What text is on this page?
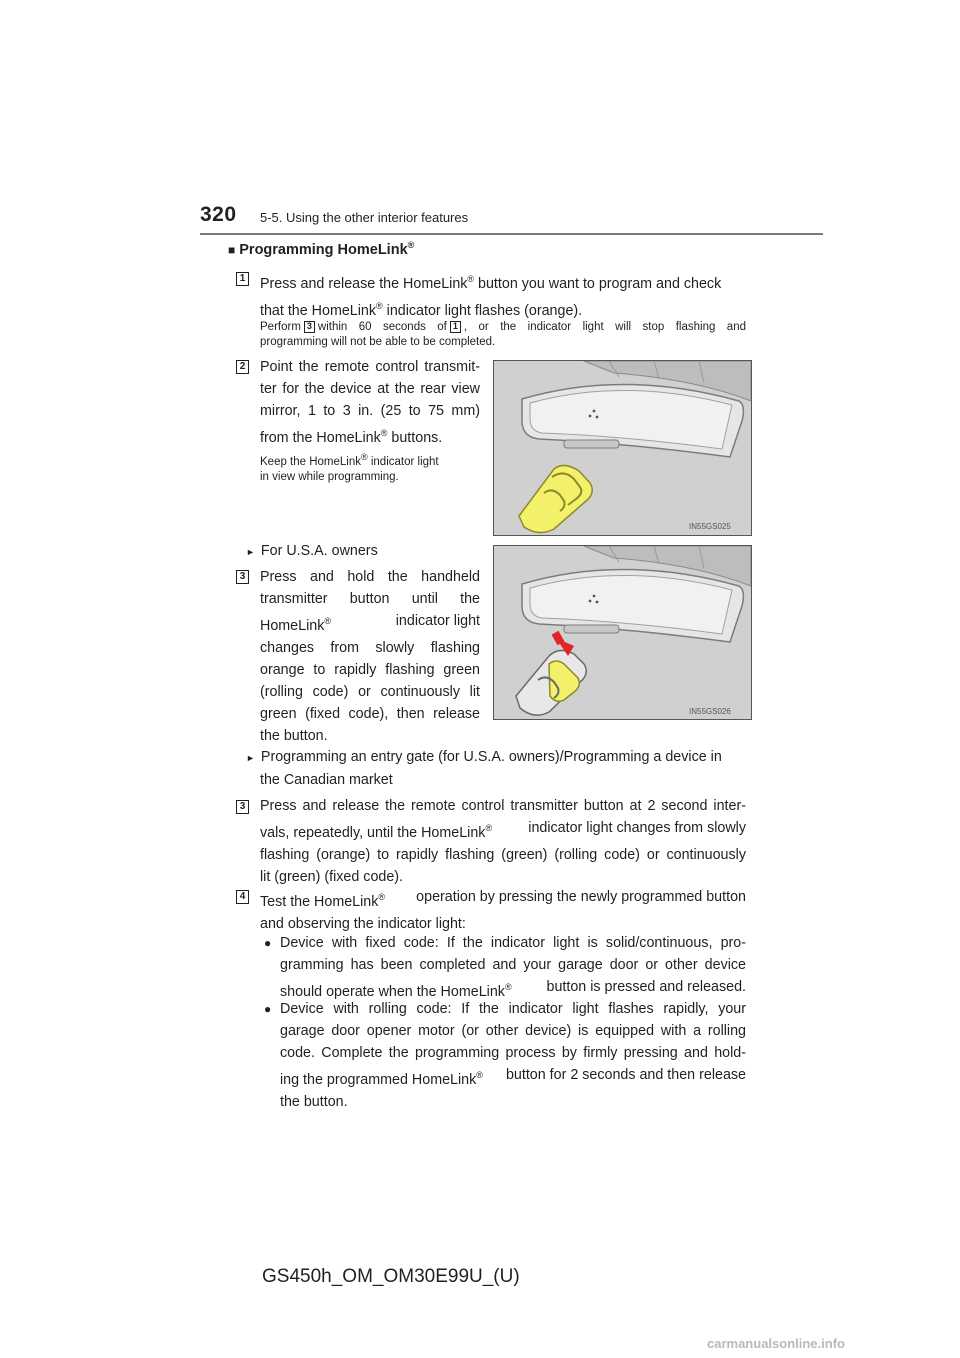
320 5-5. Using the other interior features
■ Programming HomeLink®
1 Press and release the HomeLink® button you want to program and check
that the HomeLink® indicator light flashes (orange).
Perform 3 within 60 seconds of 1 , or the indicator light will stop flashing and
programming will not be able to be completed.
2 Point the remote control transmit-
ter for the device at the rear view
mirror, 1 to 3 in. (25 to 75 mm)
from the HomeLink® buttons.
Keep the HomeLink® indicator light
in view while programming.
IN55GS025
► For U.S.A. owners
3 Press and hold the handheld
transmitter button until the
HomeLink®	indicator light
changes from slowly flashing
orange to rapidly flashing green
(rolling code) or continuously lit
green (fixed code), then release
the button.
IN55GS026
► Programming an entry gate (for U.S.A. owners)/Programming a device in
the Canadian market
3 Press and release the remote control transmitter button at 2 second inter-
vals, repeatedly, until the HomeLink®	indicator light changes from slowly
flashing (orange) to rapidly flashing (green) (rolling code) or continuously
lit (green) (fixed code).
4 Test the HomeLink® operation by pressing the newly programmed button
and observing the indicator light:
● Device with fixed code: If the indicator light is solid/continuous, pro-
gramming has been completed and your garage door or other device
should operate when the HomeLink® button is pressed and released.
● Device with rolling code: If the indicator light flashes rapidly, your
garage door opener motor (or other device) is equipped with a rolling
code. Complete the programming process by firmly pressing and hold-
ing the programmed HomeLink® button for 2 seconds and then release
the button.
GS450h_OM_OM30E99U_(U)
carmanualsonline.info
